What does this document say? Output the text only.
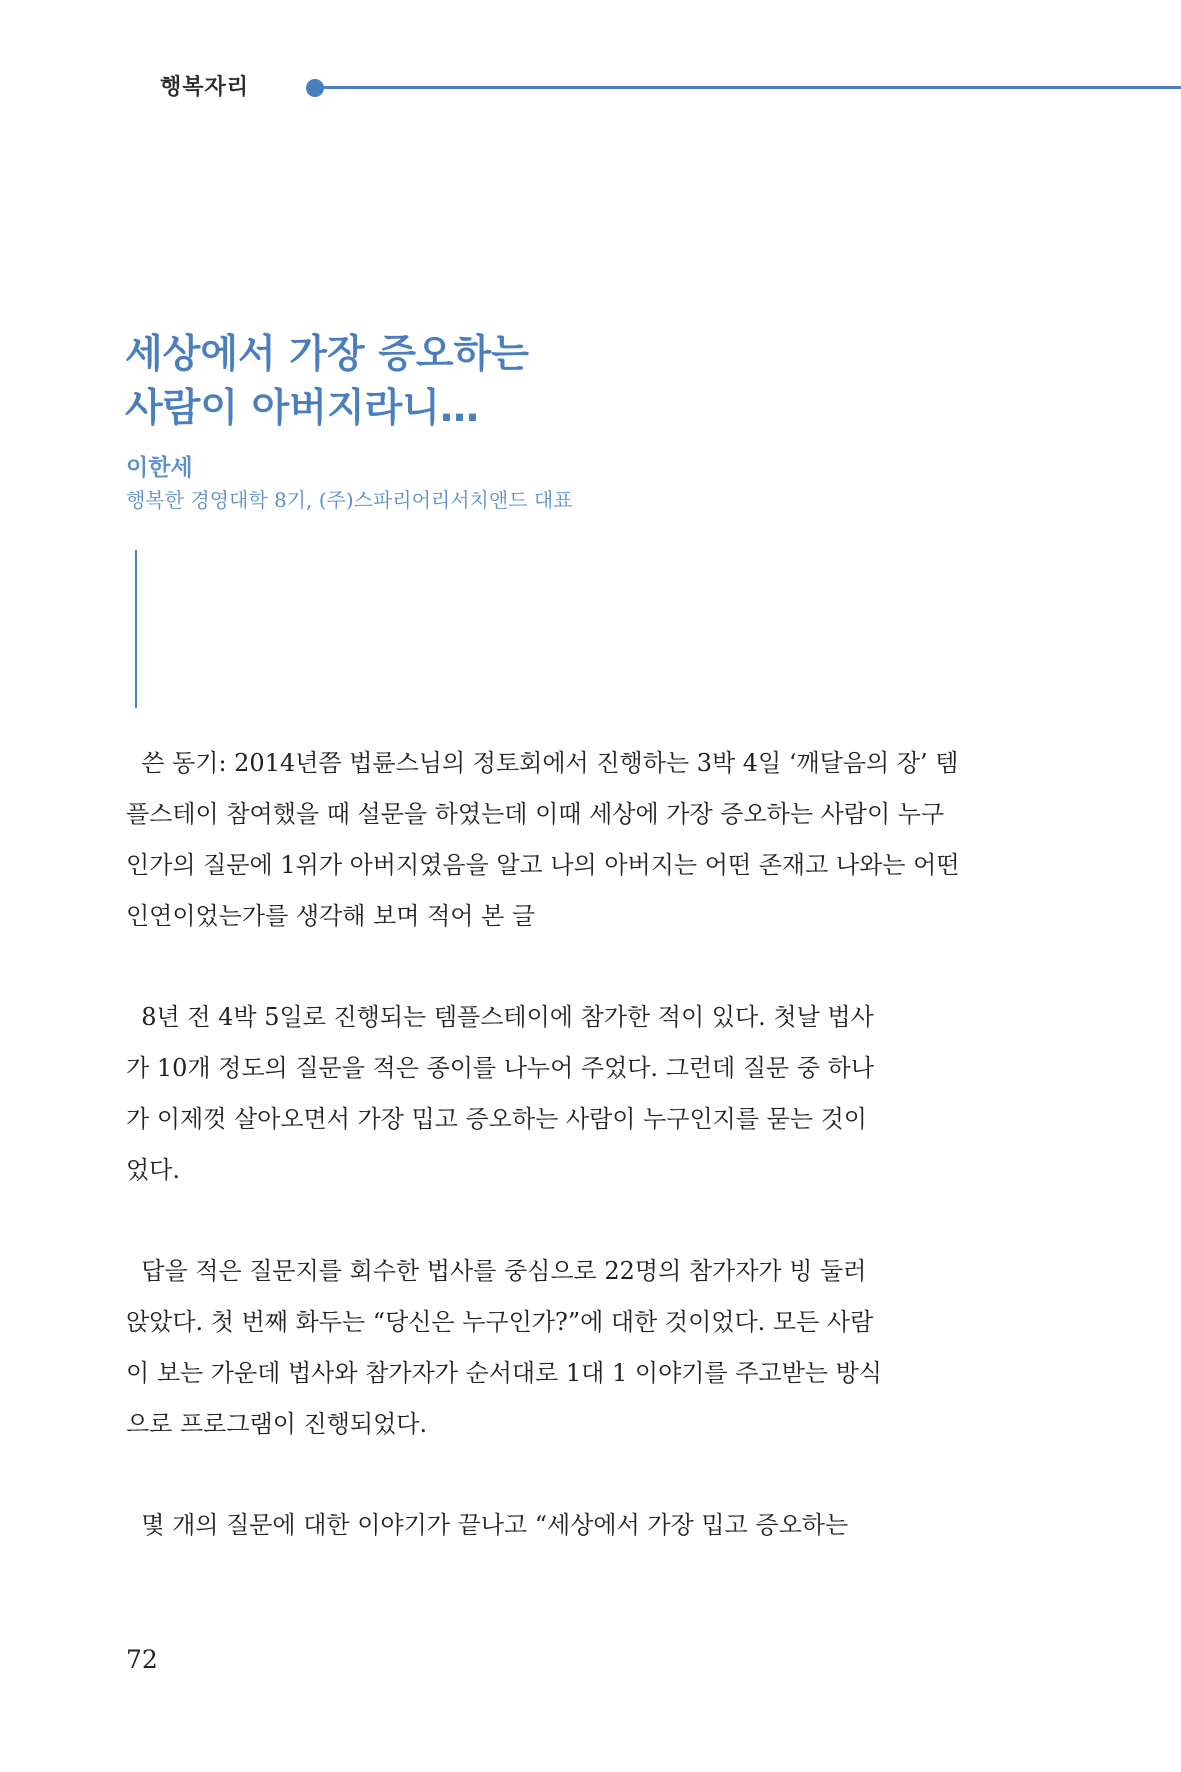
행복자리
세상에서 가장 증오하는
사람이 아버지라니…
이한세
행복한 경영대학 8기, (주)스파리어리서치앤드 대표
쓴 동기: 2014년쯤 법륜스님의 정토회에서 진행하는 3박 4일 ‘깨달음의 장’ 템
플스테이 참여했을 때 설문을 하였는데 이때 세상에 가장 증오하는 사람이 누구
인가의 질문에 1위가 아버지였음을 알고 나의 아버지는 어떤 존재고 나와는 어떤
인연이었는가를 생각해 보며 적어 본 글
8년 전 4박 5일로 진행되는 템플스테이에 참가한 적이 있다. 첫날 법사
가 10개 정도의 질문을 적은 종이를 나누어 주었다. 그런데 질문 중 하나
가 이제껏 살아오면서 가장 밉고 증오하는 사람이 누구인지를 묻는 것이
었다.
답을 적은 질문지를 회수한 법사를 중심으로 22명의 참가자가 빙 둘러
앉았다. 첫 번째 화두는 “당신은 누구인가?”에 대한 것이었다. 모든 사람
이 보는 가운데 법사와 참가자가 순서대로 1대 1 이야기를 주고받는 방식
으로 프로그램이 진행되었다.
몇 개의 질문에 대한 이야기가 끝나고 “세상에서 가장 밉고 증오하는
72
